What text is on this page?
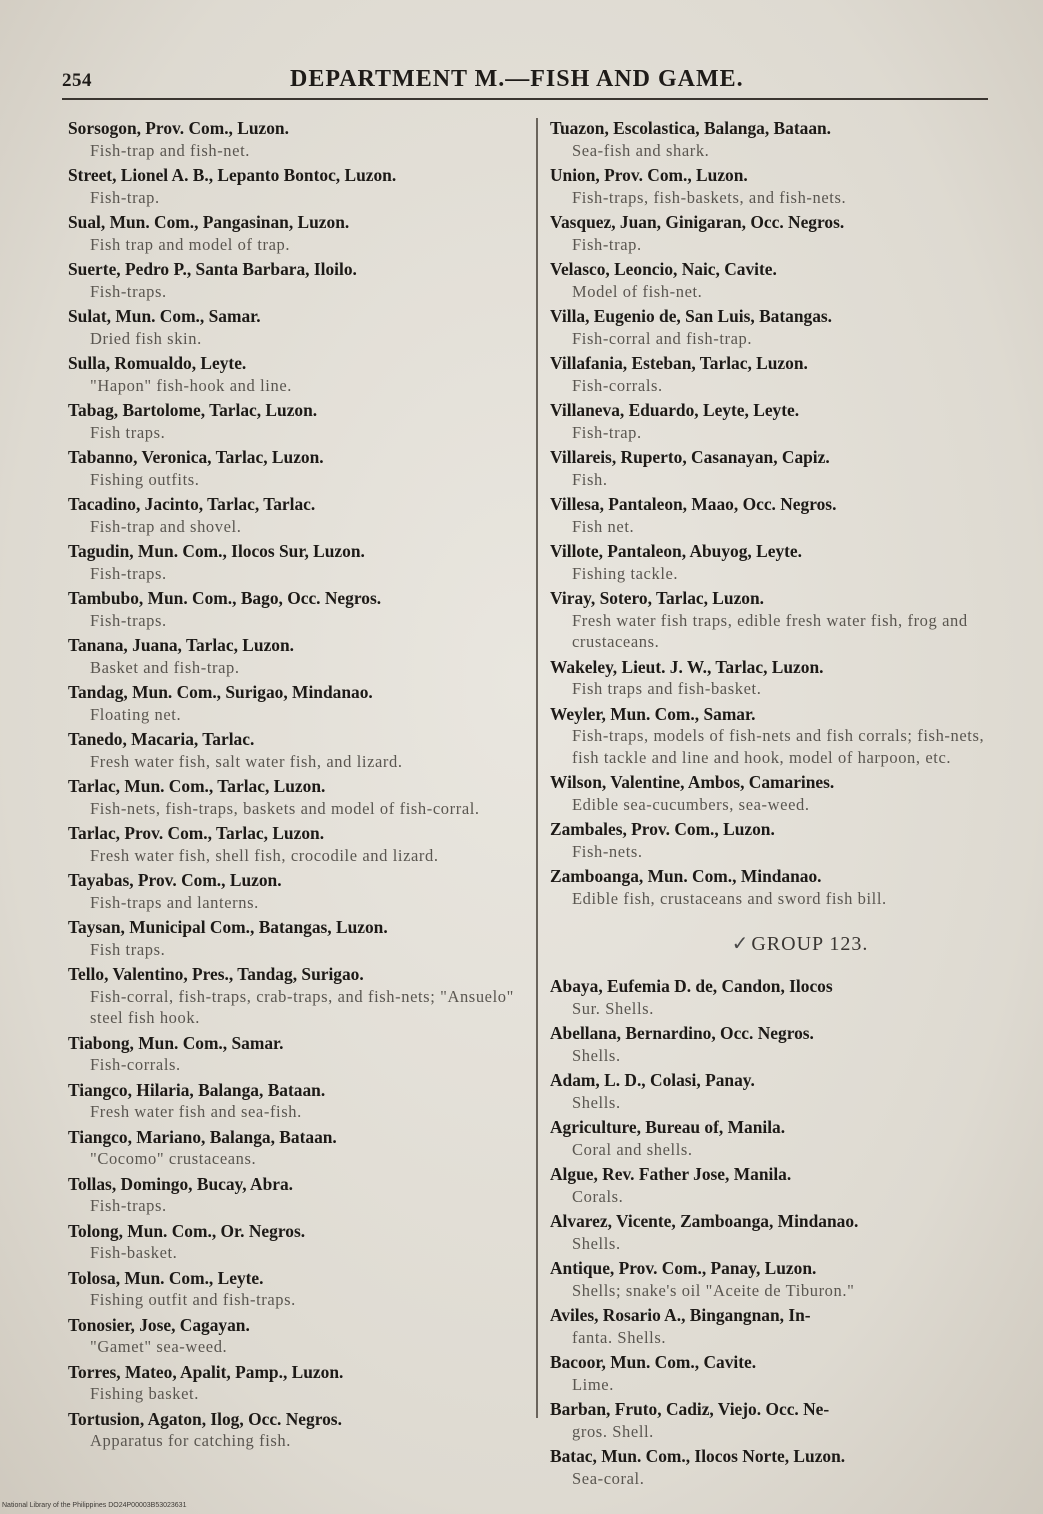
254	DEPARTMENT M.—FISH AND GAME.
Sorsogon, Prov. Com., Luzon.
Fish-trap and fish-net.
Street, Lionel A. B., Lepanto Bontoc, Luzon.
Fish-trap.
Sual, Mun. Com., Pangasinan, Luzon.
Fish trap and model of trap.
Suerte, Pedro P., Santa Barbara, Iloilo.
Fish-traps.
Sulat, Mun. Com., Samar.
Dried fish skin.
Sulla, Romualdo, Leyte.
"Hapon" fish-hook and line.
Tabag, Bartolome, Tarlac, Luzon.
Fish traps.
Tabanno, Veronica, Tarlac, Luzon.
Fishing outfits.
Tacadino, Jacinto, Tarlac, Tarlac.
Fish-trap and shovel.
Tagudin, Mun. Com., Ilocos Sur, Luzon.
Fish-traps.
Tambubo, Mun. Com., Bago, Occ. Negros.
Fish-traps.
Tanana, Juana, Tarlac, Luzon.
Basket and fish-trap.
Tandag, Mun. Com., Surigao, Mindanao.
Floating net.
Tanedo, Macaria, Tarlac.
Fresh water fish, salt water fish, and lizard.
Tarlac, Mun. Com., Tarlac, Luzon.
Fish-nets, fish-traps, baskets and model of fish-corral.
Tarlac, Prov. Com., Tarlac, Luzon.
Fresh water fish, shell fish, crocodile and lizard.
Tayabas, Prov. Com., Luzon.
Fish-traps and lanterns.
Taysan, Municipal Com., Batangas, Luzon.
Fish traps.
Tello, Valentino, Pres., Tandag, Surigao.
Fish-corral, fish-traps, crab-traps, and fish-nets; "Ansuelo" steel fish hook.
Tiabong, Mun. Com., Samar.
Fish-corrals.
Tiangco, Hilaria, Balanga, Bataan.
Fresh water fish and sea-fish.
Tiangco, Mariano, Balanga, Bataan.
"Cocomo" crustaceans.
Tollas, Domingo, Bucay, Abra.
Fish-traps.
Tolong, Mun. Com., Or. Negros.
Fish-basket.
Tolosa, Mun. Com., Leyte.
Fishing outfit and fish-traps.
Tonosier, Jose, Cagayan.
"Gamet" sea-weed.
Torres, Mateo, Apalit, Pamp., Luzon.
Fishing basket.
Tortusion, Agaton, Ilog, Occ. Negros.
Apparatus for catching fish.
Tuazon, Escolastica, Balanga, Bataan.
Sea-fish and shark.
Union, Prov. Com., Luzon.
Fish-traps, fish-baskets, and fish-nets.
Vasquez, Juan, Ginigaran, Occ. Negros.
Fish-trap.
Velasco, Leoncio, Naic, Cavite.
Model of fish-net.
Villa, Eugenio de, San Luis, Batangas.
Fish-corral and fish-trap.
Villafania, Esteban, Tarlac, Luzon.
Fish-corrals.
Villaneva, Eduardo, Leyte, Leyte.
Fish-trap.
Villareis, Ruperto, Casanayan, Capiz.
Fish.
Villesa, Pantaleon, Maao, Occ. Negros.
Fish net.
Villote, Pantaleon, Abuyog, Leyte.
Fishing tackle.
Viray, Sotero, Tarlac, Luzon.
Fresh water fish traps, edible fresh water fish, frog and crustaceans.
Wakeley, Lieut. J. W., Tarlac, Luzon.
Fish traps and fish-basket.
Weyler, Mun. Com., Samar.
Fish-traps, models of fish-nets and fish corrals; fish-nets, fish tackle and line and hook, model of harpoon, etc.
Wilson, Valentine, Ambos, Camarines.
Edible sea-cucumbers, sea-weed.
Zambales, Prov. Com., Luzon.
Fish-nets.
Zamboanga, Mun. Com., Mindanao.
Edible fish, crustaceans and sword fish bill.
✓ GROUP 123.
Abaya, Eufemia D. de, Candon, Ilocos
Sur. Shells.
Abellana, Bernardino, Occ. Negros.
Shells.
Adam, L. D., Colasi, Panay.
Shells.
Agriculture, Bureau of, Manila.
Coral and shells.
Algue, Rev. Father Jose, Manila.
Corals.
Alvarez, Vicente, Zamboanga, Mindanao.
Shells.
Antique, Prov. Com., Panay, Luzon.
Shells; snake's oil "Aceite de Tiburon."
Aviles, Rosario A., Bingangnan, In-
fanta. Shells.
Bacoor, Mun. Com., Cavite.
Lime.
Barban, Fruto, Cadiz, Viejo. Occ. Ne-
gros. Shell.
Batac, Mun. Com., Ilocos Norte, Luzon.
Sea-coral.
National Library of the Philippines DO24P00003B53023631
